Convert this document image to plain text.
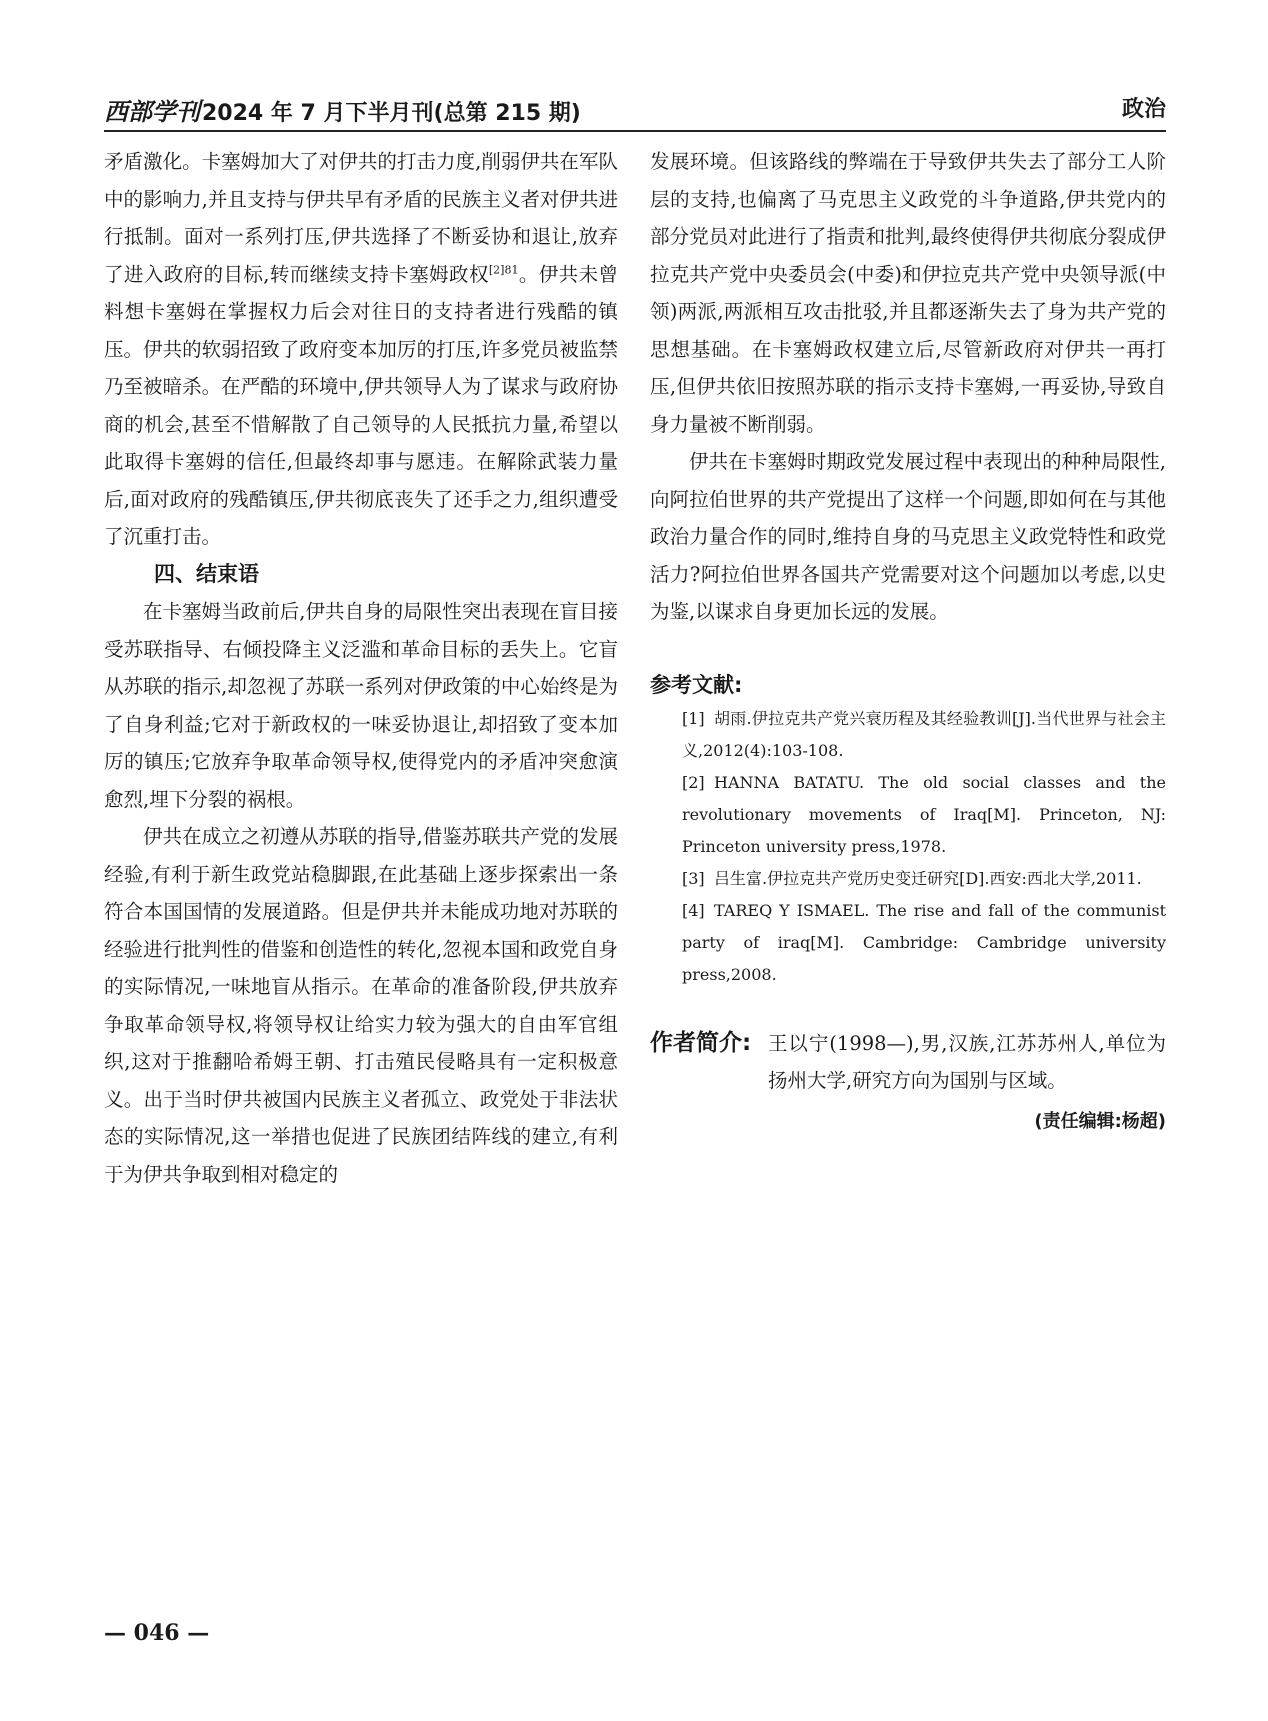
西部学刊2024 年 7 月下半月刊(总第 215 期)	政治

矛盾激化。卡塞姆加大了对伊共的打击力度,削弱伊共在军队中的影响力,并且支持与伊共早有矛盾的民族主义者对伊共进行抵制。面对一系列打压,伊共选择了不断妥协和退让,放弃了进入政府的目标,转而继续支持卡塞姆政权$^{[2]81}$。伊共未曾料想卡塞姆在掌握权力后会对往日的支持者进行残酷的镇压。伊共的软弱招致了政府变本加厉的打压,许多党员被监禁乃至被暗杀。在严酷的环境中,伊共领导人为了谋求与政府协商的机会,甚至不惜解散了自己领导的人民抵抗力量,希望以此取得卡塞姆的信任,但最终却事与愿违。在解除武装力量后,面对政府的残酷镇压,伊共彻底丧失了还手之力,组织遭受了沉重打击。

四、结束语

在卡塞姆当政前后,伊共自身的局限性突出表现在盲目接受苏联指导、右倾投降主义泛滥和革命目标的丢失上。它盲从苏联的指示,却忽视了苏联一系列对伊政策的中心始终是为了自身利益;它对于新政权的一味妥协退让,却招致了变本加厉的镇压;它放弃争取革命领导权,使得党内的矛盾冲突愈演愈烈,埋下分裂的祸根。

伊共在成立之初遵从苏联的指导,借鉴苏联共产党的发展经验,有利于新生政党站稳脚跟,在此基础上逐步探索出一条符合本国国情的发展道路。但是伊共并未能成功地对苏联的经验进行批判性的借鉴和创造性的转化,忽视本国和政党自身的实际情况,一味地盲从指示。在革命的准备阶段,伊共放弃争取革命领导权,将领导权让给实力较为强大的自由军官组织,这对于推翻哈希姆王朝、打击殖民侵略具有一定积极意义。出于当时伊共被国内民族主义者孤立、政党处于非法状态的实际情况,这一举措也促进了民族团结阵线的建立,有利于为伊共争取到相对稳定的

发展环境。但该路线的弊端在于导致伊共失去了部分工人阶层的支持,也偏离了马克思主义政党的斗争道路,伊共党内的部分党员对此进行了指责和批判,最终使得伊共彻底分裂成伊拉克共产党中央委员会(中委)和伊拉克共产党中央领导派(中领)两派,两派相互攻击批驳,并且都逐渐失去了身为共产党的思想基础。在卡塞姆政权建立后,尽管新政府对伊共一再打压,但伊共依旧按照苏联的指示支持卡塞姆,一再妥协,导致自身力量被不断削弱。

伊共在卡塞姆时期政党发展过程中表现出的种种局限性,向阿拉伯世界的共产党提出了这样一个问题,即如何在与其他政治力量合作的同时,维持自身的马克思主义政党特性和政党活力?阿拉伯世界各国共产党需要对这个问题加以考虑,以史为鉴,以谋求自身更加长远的发展。

参考文献:

[1] 胡雨.伊拉克共产党兴衰历程及其经验教训[J].当代世界与社会主义,2012(4):103-108.

[2] HANNA BATATU. The old social classes and the revolutionary movements of Iraq[M]. Princeton, NJ: Princeton university press,1978.

[3] 吕生富.伊拉克共产党历史变迁研究[D].西安:西北大学,2011.

[4] TAREQ Y ISMAEL. The rise and fall of the communist party of iraq[M]. Cambridge: Cambridge university press,2008.

作者简介: 王以宁(1998—),男,汉族,江苏苏州人,单位为扬州大学,研究方向为国别与区域。
(责任编辑:杨超)
— 046 —
